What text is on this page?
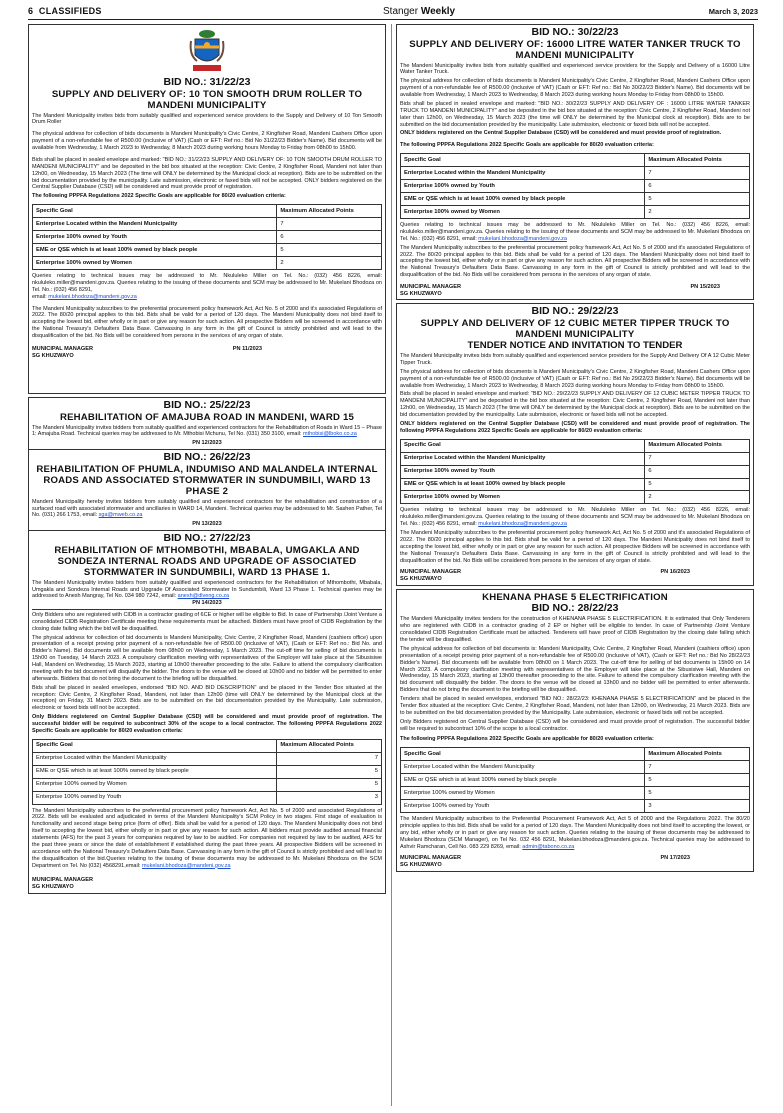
6 CLASSIFIEDS	Stanger Weekly	March 3, 2023
BID NO.: 31/22/23
SUPPLY AND DELIVERY OF: 10 TON SMOOTH DRUM ROLLER TO MANDENI MUNICIPALITY

The Mandeni Municipality invites bids from suitably qualified and experienced service providers to the Supply and Delivery of 10 Ton Smooth Drum Roller

The physical address for collection of bids documents is Mandeni Municipality's Civic Centre, 2 Kingfisher Road, Mandeni Cashers Office upon payment of a non-refundable fee of R500.00 (inclusive of VAT) (Cash or EFT: Ref no.: Bid No 31/22/23 Bidder's Name). Bid documents will be available from Wednesday, 1 March 2023 to Wednesday, 8 March 2023 during working hours Monday to Friday from 08h00 to 15h00.

Bids shall be placed in sealed envelope and marked: "BID NO.: 31/22/23 SUPPLY AND DELIVERY OF: 10 TON SMOOTH DRUM ROLLER TO MANDENI MUNICIPALITY" and be deposited in the bid box situated at the reception: Civic Centre, 2 Kingfisher Road, Mandeni not later than 12h00, on Wednesday, 15 March 2023 (The time will ONLY be determined by the Municipal clock at reception). Bids are to be submitted on the bid documentation provided by the municipality. Late submission, electronic or faxed bids will not be accepted. ONLY bidders registered on the Central Supplier Database (CSD) will be considered and must provide proof of registration.

The following PPPFA Regulations 2022 Specific Goals are applicable for 80/20 evaluation criteria:

Specific Goal	Maximum Allocated Points
Enterprise Located within the Mandeni Municipality	7
Enterprise 100% owned by Youth	6
EME or QSE which is at least 100% owned by black people	5
Enterprise 100% owned by Women	2

Queries relating to technical issues may be addressed to Mr. Nkululeko Miller on Tel. No.: (032) 456 8226, email: nkululeko.miller@mandeni.gov.za. Queries relating to the issuing of these documents and SCM may be addressed to Mr. Mukelani Bhodoza on Tel. No.: (032) 456 8291,
email: mukelani.bhodoza@mandeni.gov.za

The Mandeni Municipality subscribes to the preferential procurement policy framework Act, Act No. 5 of 2000 and it's associated Regulations of 2022. The 80/20 principal applies to this bid. Bids shall be valid for a period of 120 days. The Mandeni Municipality does not bind itself to accepting the lowest bid, either wholly or in part or give any reason for such action. All prospective Bidders will be screened in accordance with the National Treasury's Defaulters Data Base. Canvassing in any form in the gift of Council is strictly prohibited and will lead to the disqualification of the bid. No Bids will be considered from persons in the services of any organ of state.

MUNICIPAL MANAGER
SG KHUZWAYO
PN 11/2023
BID NO.: 25/22/23
REHABILITATION OF AMAJUBA ROAD IN MANDENI, WARD 15

The Mandeni Municipality invites bidders from suitably qualified and experienced contractors for the Rehabilitation of Roads in Ward 15 – Phase 1: Amajuba Road. Technical queries may be addressed to Mr. Mthobisi Mchunu, Tel No. (031) 350 3100, email: mthobisi@lboko.co.za

PN 12/2023
BID NO.: 26/22/23
REHABILITATION OF PHUMLA, INDUMISO AND MALANDELA INTERNAL ROADS AND ASSOCIATED STORMWATER IN SUNDUMBILI, WARD 13 PHASE 2

Mandeni Municipality hereby invites bidders from suitably qualified and experienced contractors for the rehabilitation and construction of a surfaced road with associated stormwater and ancillaries in WARD 14, Mandeni. Technical queries may be addressed to Mr. Sashen Pather, Tel No. (031) 266 1753, email: sga@mweb.co.za

PN 13/2023
BID NO.: 27/22/23
REHABILITATION OF MTHOMBOTHI, MBABALA, UMGAKLA AND SONDEZA INTERNAL ROADS AND UPGRADE OF ASSOCIATED STORMWATER IN SUNDUMBILI, WARD 13 PHASE 1.

The Mandeni Municipality invites bidders from suitably qualified and experienced contractors for the Rehabilitation of Mthombothi, Mbabala, Umgakla and Sondeza Internal Roads and Upgrade Of Associated Stormwater In Sundumbili, Ward 13 Phase 1. Technical queries may be addressed to Anesh Mangray, Tel No. 034 980 7242, email: anesh@dlveng.co.za

PN 14/2023

Only Bidders who are registered with CIDB in a contractor grading of 6CE or higher will be eligible to Bid. In case of Partnership /Joint Venture a consolidated CIDB Registration Certificate meeting these requirements must be attached. Bidders must have proof of CIDB Registration by the closing date failing which the bid will be disqualified.

The physical address for collection of bid documents is Mandeni Municipality, Civic Centre, 2 Kingfisher Road, Mandeni (cashiers office) upon presentation of a receipt proving prior payment of a non-refundable fee of R500.00 (inclusive of VAT), (Cash or EFT: Ref no.: Bid No. and Bidder's Name). Bid documents will be available from 08h00 on Wednesday, 1 March 2023. The cut-off time for selling of bid documents is 15h00 on Tuesday, 14 March 2023. A compulsory clarification meeting with representatives of the Employer will take place at the Sibusisiwe Hall, Mandeni on Wednesday, 15 March 2023, starting at 10h00 thereafter proceeding to the site. Failure to attend the compulsory clarification meeting with the bid document will disqualify the bidder. The doors to the venue will be closed at 10h00 and no bidder will be permitted to enter afterwards. Bidders that do not bring the document to the briefing will be disqualified.

Bids shall be placed in sealed envelopes, endorsed "BID NO. AND BID DESCRIPTION" and be placed in the Tender Box situated at the reception: Civic Centre, 2 Kingfisher Road, Mandeni, not later than 12h00 (time will ONLY be determined by the Municipal clock at the reception) on Friday, 31 March 2023. Bids are to be submitted on the bid documentation provided by the Municipality. Late submission, electronic or faxed bids will not be accepted.

Only Bidders registered on Central Supplier Database (CSD) will be considered and must provide proof of registration. The successful bidder will be required to subcontract 30% of the scope to a local contractor. The following PPPFA Regulations 2022 Specific Goals are applicable for 80/20 evaluation criteria:

Specific Goal	Maximum Allocated Points
Enterprise Located within the Mandeni Municipality	7
EME or QSE which is at least 100% owned by black people	5
Enterprise 100% owned by Women	5
Enterprise 100% owned by Youth	3

The Mandeni Municipality subscribes to the preferential procurement policy framework Act, Act No. 5 of 2000 and associated Regulations of 2022. Bids will be evaluated and adjudicated in terms of the Mandeni Municipality's SCM Policy in two stages. First stage of evaluation is functionality and second stage being price (form of offer). Bids shall be valid for a period of 120 days. The Mandeni Municipality does not bind itself to accepting the lowest bid, either wholly or in part or give any reason for such action. All bidders must provide audited annual financial statements (AFS) for the past 3 years for companies required by law to be audited. For companies not required by law to be audited, AFS for the past three years or since the date of establishment if established during the past three years. All prospective Bidders will be screened in accordance with the National Treasury's Defaulters Data Base. Canvassing in any form in the gift of Council is strictly prohibited and will lead to the disqualification of the bid.Queries relating to the issuing of these documents may be addressed to Mr. Mukelani Bhodoza on the SCM Department on Tel. No (032) 4568291,email: mukelani.bhodoza@mandeni.gov.za

MUNICIPAL MANAGER
SG KHUZWAYO
BID NO.: 30/22/23
SUPPLY AND DELIVERY OF: 16000 LITRE WATER TANKER TRUCK TO MANDENI MUNICIPALITY

The Mandeni Municipality invites bids from suitably qualified and experienced service providers for the Supply and Delivery of a 16000 Litre Water Tanker Truck.

The physical address for collection of bids documents is Mandeni Municipality's Civic Centre, 2 Kingfisher Road, Mandeni Cashers Office upon payment of a non-refundable fee of R500.00 (inclusive of VAT) (Cash or EFT: Ref no.: Bid No 30/22/23 Bidder's Name). Bid documents will be available from Wednesday, 1 March 2023 to Wednesday, 8 March 2023 during working hours Monday to Friday from 08h00 to 15h00.

Bids shall be placed in sealed envelope and marked: "BID NO.: 30/22/23 SUPPLY AND DELIVERY OF : 16000 LITRE WATER TANKER TRUCK TO MANDENI MUNICIPALITY" and be deposited in the bid box situated at the reception: Civic Centre, 2 Kingfisher Road, Mandeni not later than 12h00, on Wednesday, 15 March 2023 (the time will ONLY be determined by the Municipal clock at reception). Bids are to be submitted on the bid documentation provided by the municipality. Late submission, electronic or faxed bids will not be accepted.

ONLY bidders registered on the Central Supplier Database (CSD) will be considered and must provide proof of registration.

The following PPPFA Regulations 2022 Specific Goals are applicable for 80/20 evaluation criteria:

Specific Goal	Maximum Allocated Points
Enterprise Located within the Mandeni Municipality	7
Enterprise 100% owned by Youth	6
EME or QSE which is at least 100% owned by black people	5
Enterprise 100% owned by Women	2

Queries relating to technical issues may be addressed to Mr. Nkululeko Miller on Tel. No.: (032) 456 8226, email: nkululeko.miller@mandeni.gov.za. Queries relating to the issuing of these documents and SCM may be addressed to Mr. Mukelani Bhodoza on Tel. No.: (032) 456 8291, email: mukelani.bhodoza@mandeni.gov.za

The Mandeni Municipality subscribes to the preferential procurement policy framework Act, Act No. 5 of 2000 and it's associated Regulations of 2022. The 80/20 principal applies to this bid. Bids shall be valid for a period of 120 days. The Mandeni Municipality does not bind itself to accepting the lowest bid, either wholly or in part or give any reason for such action. All prospective Bidders will be screened in accordance with the National Treasury's Defaulters Data Base. Canvassing in any form in the gift of Council is strictly prohibited and will lead to the disqualification of the bid. No Bids will be considered from persons in the services of any organ of state.

MUNICIPAL MANAGER
SG KHUZWAYO
PN 15/2023
BID NO.: 29/22/23
SUPPLY AND DELIVERY OF 12 CUBIC METER TIPPER TRUCK TO MANDENI MUNICIPALITY
TENDER NOTICE AND INVITATION TO TENDER

The Mandeni Municipality invites bids from suitably qualified and experienced service providers for the Supply And Delivery Of A 12 Cubic Meter Tipper Truck.

The physical address for collection of bids documents is Mandeni Municipality's Civic Centre, 2 Kingfisher Road, Mandeni Cashers Office upon payment of a non-refundable fee of R500.00 (inclusive of VAT) (Cash or EFT: Ref no.: Bid No 29/22/23 Bidder's Name). Bid documents will be available from Wednesday, 1 March 2023 to Wednesday, 8 March 2023 during working hours Monday to Friday from 08h00 to 15h00.

Bids shall be placed in sealed envelope and marked: "BID NO.: 29/22/23 SUPPLY AND DELIVERY OF 12 CUBIC METER TIPPER TRUCK TO MANDENI MUNICIPALITY" and be deposited in the bid box situated at the reception: Civic Centre, 2 Kingfisher Road, Mandeni not later than 12h00, on Wednesday, 15 March 2023 (The time will ONLY be determined by the Municipal clock at reception). Bids are to be submitted on the bid documentation provided by the municipality. Late submission, electronic or faxed bids will not be accepted.

ONLY bidders registered on the Central Supplier Database (CSD) will be considered and must provide proof of registration. The following PPPFA Regulations 2022 Specific Goals are applicable for 80/20 evaluation criteria:

Specific Goal	Maximum Allocated Points
Enterprise Located within the Mandeni Municipality	7
Enterprise 100% owned by Youth	6
EME or QSE which is at least 100% owned by black people	5
Enterprise 100% owned by Women	2

Queries relating to technical issues may be addressed to Mr. Nkululeko Miller on Tel. No.: (032) 456 8226, email: nkululeko.miller@mandeni.gov.za. Queries relating to the issuing of these documents and SCM may be addressed to Mr. Mukelani Bhodoza on Tel. No.: (032) 456 8291, email: mukelani.bhodoza@mandeni.gov.za

The Mandeni Municipality subscribes to the preferential procurement policy framework Act, Act No. 5 of 2000 and it's associated Regulations of 2022. The 80/20 principal applies to this bid. Bids shall be valid for a period of 120 days. The Mandeni Municipality does not bind itself to accepting the lowest bid, either wholly or in part or give any reason for such action. All prospective Bidders will be screened in accordance with the National Treasury's Defaulters Data Base. Canvassing in any form in the gift of Council is strictly prohibited and will lead to the disqualification of the bid. No Bids will be considered from persons in the services of any organ of state.

MUNICIPAL MANAGER
SG KHUZWAYO
PN 16/2023
KHENANA PHASE 5 ELECTRIFICATION
BID NO.: 28/22/23

The Mandeni Municipality invites tenders for the construction of KHENANA PHASE 5 ELECTRIFICATION. It is estimated that Only Tenderers who are registered with CIDB in a contractor grading of 2 EP or higher will be eligible to tender. In case of Partnership /Joint Venture consolidated CIDB Registration Certificate must be attached. Tenderers will have proof of CIDB Registration by the closing date failing which the tender will be disqualified.

The physical address for collection of bid documents is: Mandeni Municipality, Civic Centre, 2 Kingfisher Road, Mandeni (cashiers office) upon presentation of a receipt proving prior payment of a non-refundable fee of R500.00 (inclusive of VAT), (Cash or EFT: Ref no.: Bid No 28/22/23 Bidder's Name). Bid documents will be available from 08h00 on 1 March 2023. The cut-off time for selling of bid documents is 15h00 on 14 March 2023. A compulsory clarification meeting with representatives of the Employer will take place at the Sibusisiwe Hall, Mandeni on Wednesday, 15 March 2023, starting at 13h00 thereafter proceeding to the site. Failure to attend the compulsory clarification meeting with the bid document will disqualify the bidder. The doors to the venue will be closed at 13h00 and no bidder will be permitted to enter afterwards. Bidders that do not bring the document to the briefing will be disqualified.

Tenders shall be placed in sealed envelopes, endorsed "BID NO.: 28/22/23: KHENANA PHASE 5 ELECTRIFICATION" and be placed in the Tender Box situated at the reception: Civic Centre, 2 Kingfisher Road, Mandeni, not later than 12h00, on Wednesday, 21 March 2023. Bids are to be submitted on the bid documentation provided by the Municipality. Late submission, electronic or faxed bids will not be accepted.

Only Bidders registered on Central Supplier Database (CSD) will be considered and must provide proof of registration. The successful bidder will be required to subcontract 10% of the scope to a local contractor.

The following PPPFA Regulations 2022 Specific Goals are applicable for 80/20 evaluation criteria:

Specific Goal	Maximum Allocated Points
Enterprise Located within the Mandeni Municipality	7
EME or QSE which is at least 100% owned by black people	5
Enterprise 100% owned by Women	5
Enterprise 100% owned by Youth	3

The Mandeni Municipality subscribes to the Preferential Procurement Framework Act, Act 5 of 2000 and the Regulations 2022. The 80/20 principle applies to this bid. Bids shall be valid for a period of 120 days. The Mandeni Municipality does not bind itself to accepting the lowest, or any bid, either wholly or in part or give any reason for such action. Queries relating to the issuing of these documents may be addressed to Mukelani Bhodoza (SCM Manager), on Tel No. 032 456 8291, Mukelani.bhodoza@mandeni.gov.za. Technical queries may be addressed to Ashvir Ramcharan, Cell No. 083 229 8269, email: admin@tabono.co.za

MUNICIPAL MANAGER
SG KHUZWAYO
PN 17/2023
